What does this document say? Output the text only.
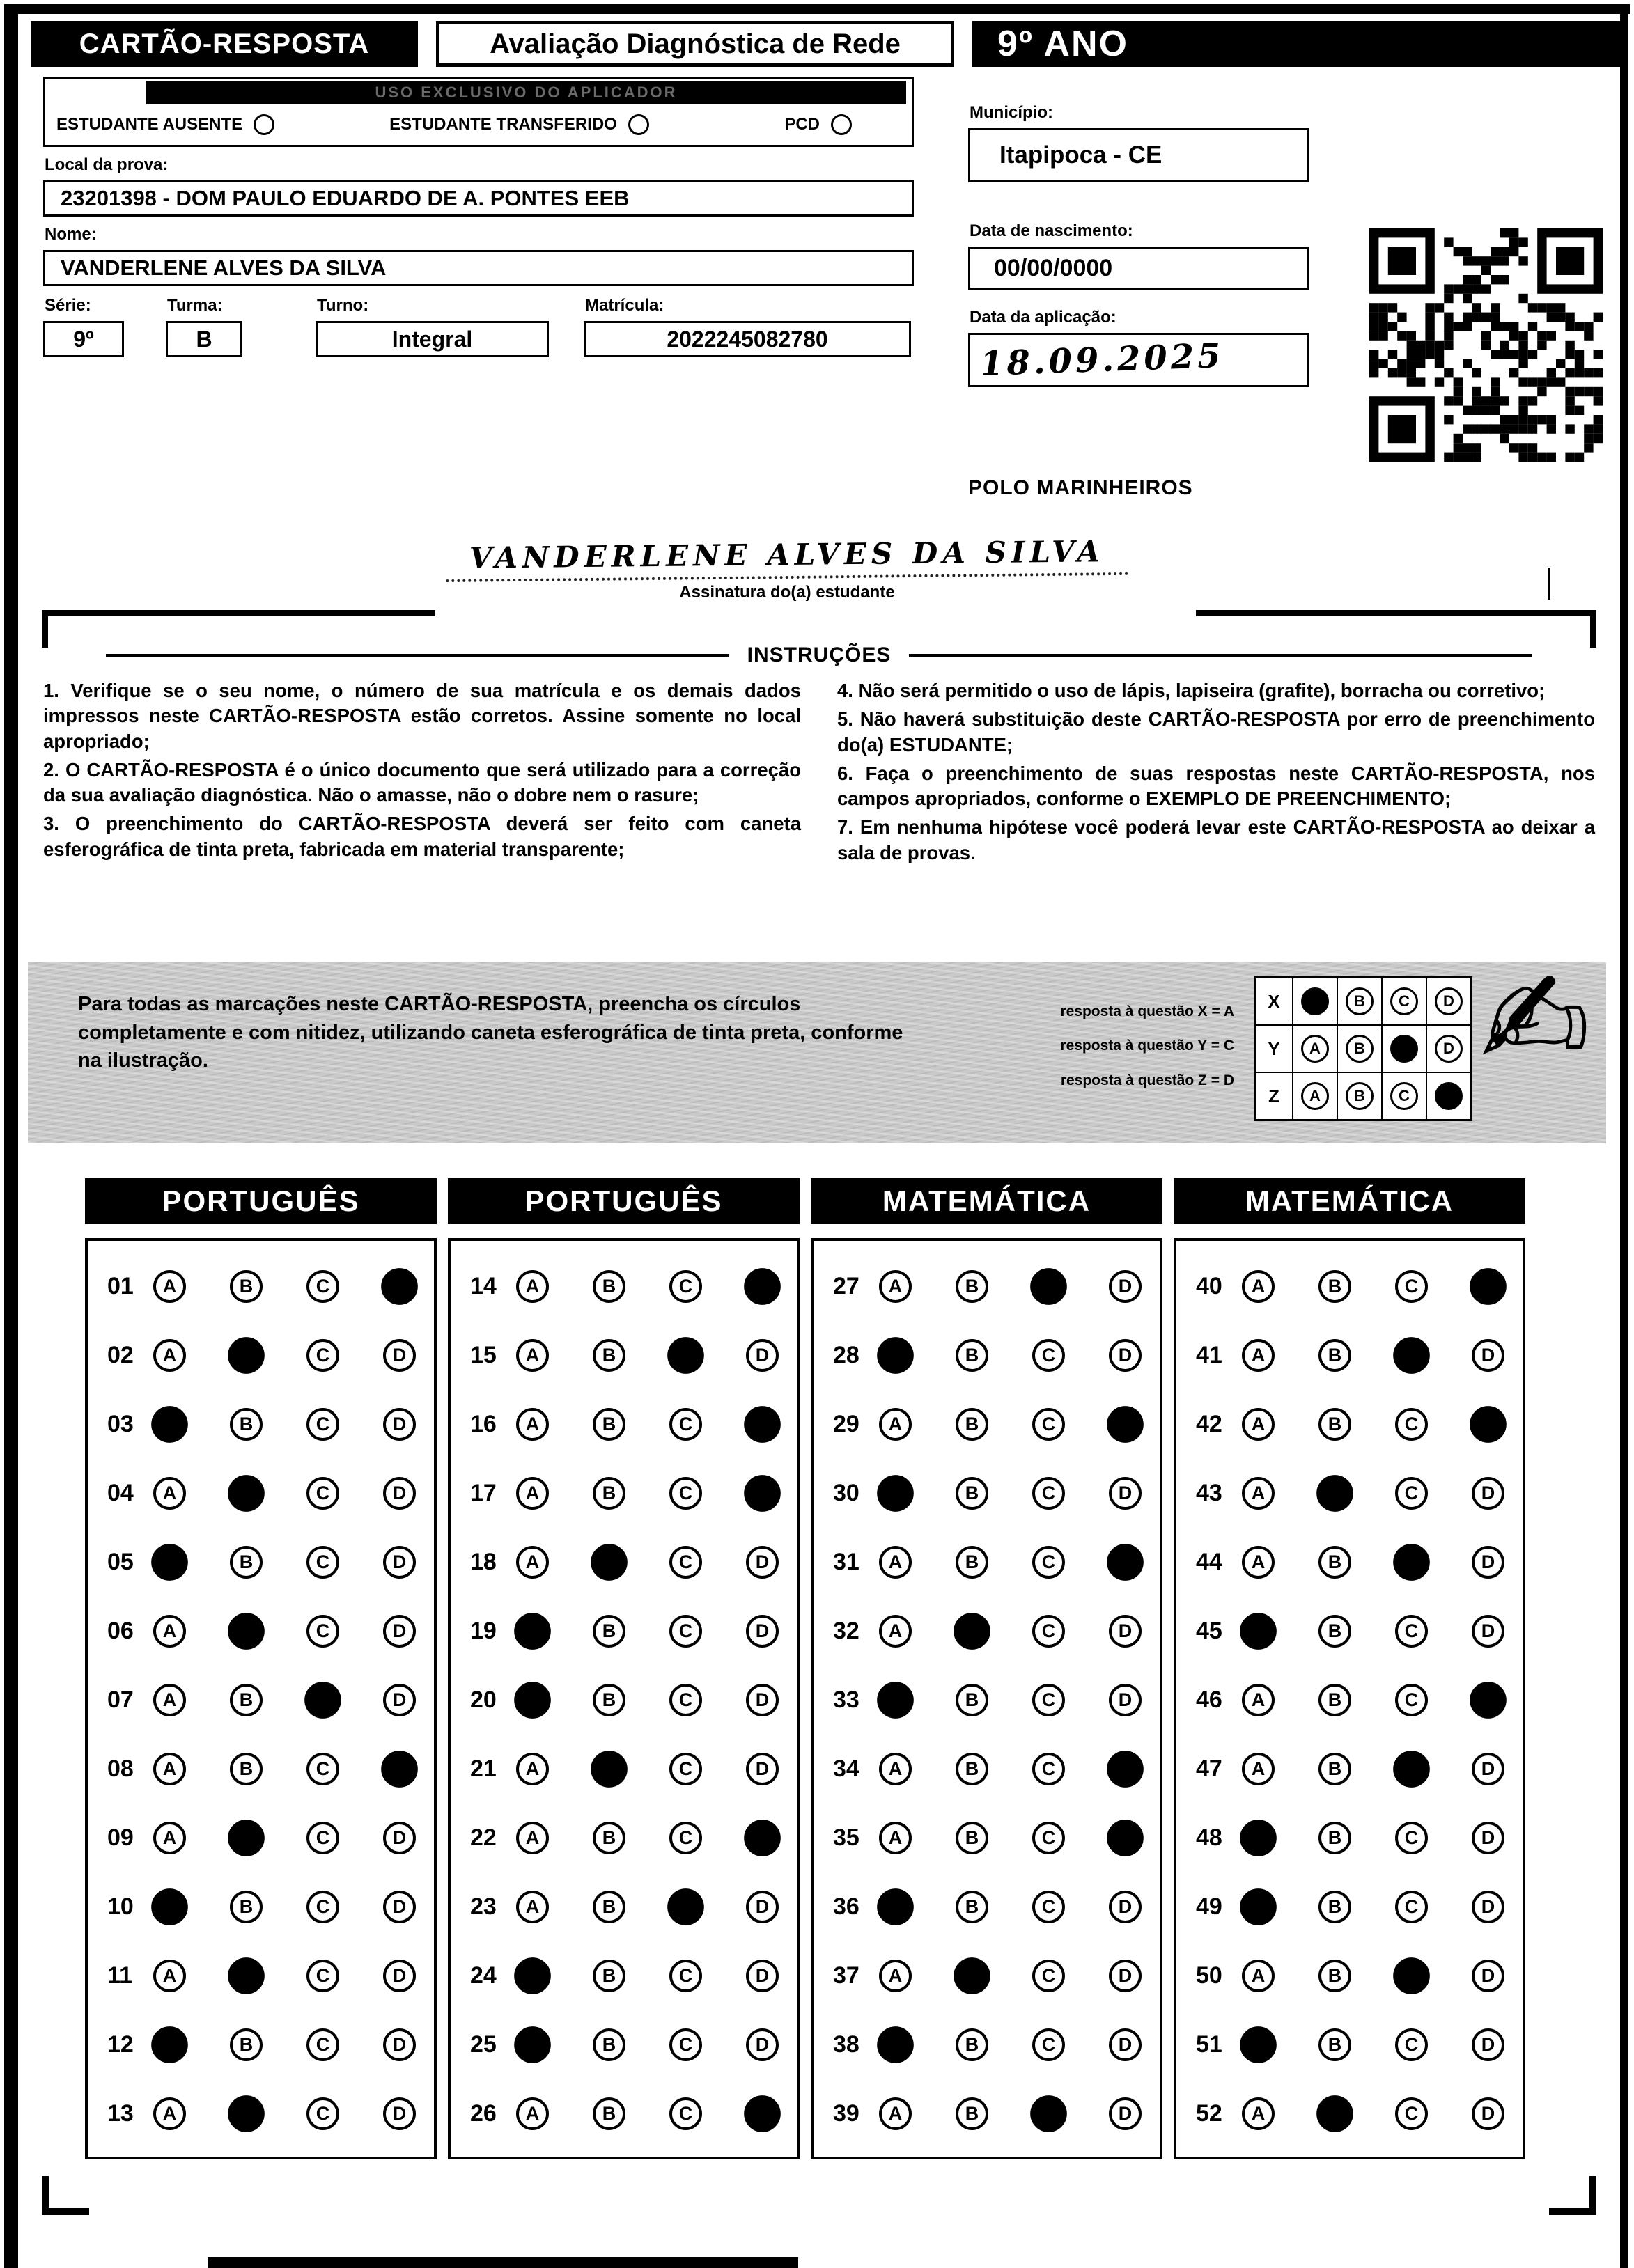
CARTÃO-RESPOSTA	Avaliação Diagnóstica de Rede	9º ANO
USO EXCLUSIVO DO APLICADOR
ESTUDANTE AUSENTE	ESTUDANTE TRANSFERIDO	PCD
Local da prova:
23201398 - DOM PAULO EDUARDO DE A. PONTES EEB
Nome:
VANDERLENE ALVES DA SILVA
Série:
9º
Turma:
B
Turno:
Integral
Matrícula:
2022245082780
Município:
Itapipoca - CE
Data de nascimento:
00/00/0000
Data da aplicação:
18.09.2025
POLO MARINHEIROS
VANDERLENE ALVES DA SILVA
Assinatura do(a) estudante
INSTRUÇÕES

1. Verifique se o seu nome, o número de sua matrícula e os demais dados impressos neste CARTÃO-RESPOSTA estão corretos. Assine somente no local apropriado;

2. O CARTÃO-RESPOSTA é o único documento que será utilizado para a correção da sua avaliação diagnóstica. Não o amasse, não o dobre nem o rasure;

3. O preenchimento do CARTÃO-RESPOSTA deverá ser feito com caneta esferográfica de tinta preta, fabricada em material transparente;

4. Não será permitido o uso de lápis, lapiseira (grafite), borracha ou corretivo;

5. Não haverá substituição deste CARTÃO-RESPOSTA por erro de preenchimento do(a) ESTUDANTE;

6. Faça o preenchimento de suas respostas neste CARTÃO-RESPOSTA, nos campos apropriados, conforme o EXEMPLO DE PREENCHIMENTO;

7. Em nenhuma hipótese você poderá levar este CARTÃO-RESPOSTA ao deixar a sala de provas.

Para todas as marcações neste CARTÃO-RESPOSTA, preencha os círculos completamente e com nitidez, utilizando caneta esferográfica de tinta preta, conforme na ilustração.
resposta à questão X = A
resposta à questão Y = C
resposta à questão Z = D
X	A	B	C	D
Y	A	B	C	D
Z	A	B	C	D ✍
PORTUGUÊS
01	A	B	C	D
02	A	B	C	D
03	A	B	C	D
04	A	B	C	D
05	A	B	C	D
06	A	B	C	D
07	A	B	C	D
08	A	B	C	D
09	A	B	C	D
10	A	B	C	D
11	A	B	C	D
12	A	B	C	D
13	A	B	C	D
PORTUGUÊS
14	A	B	C	D
15	A	B	C	D
16	A	B	C	D
17	A	B	C	D
18	A	B	C	D
19	A	B	C	D
20	A	B	C	D
21	A	B	C	D
22	A	B	C	D
23	A	B	C	D
24	A	B	C	D
25	A	B	C	D
26	A	B	C	D
MATEMÁTICA
27	A	B	C	D
28	A	B	C	D
29	A	B	C	D
30	A	B	C	D
31	A	B	C	D
32	A	B	C	D
33	A	B	C	D
34	A	B	C	D
35	A	B	C	D
36	A	B	C	D
37	A	B	C	D
38	A	B	C	D
39	A	B	C	D
MATEMÁTICA
40	A	B	C	D
41	A	B	C	D
42	A	B	C	D
43	A	B	C	D
44	A	B	C	D
45	A	B	C	D
46	A	B	C	D
47	A	B	C	D
48	A	B	C	D
49	A	B	C	D
50	A	B	C	D
51	A	B	C	D
52	A	B	C	D
